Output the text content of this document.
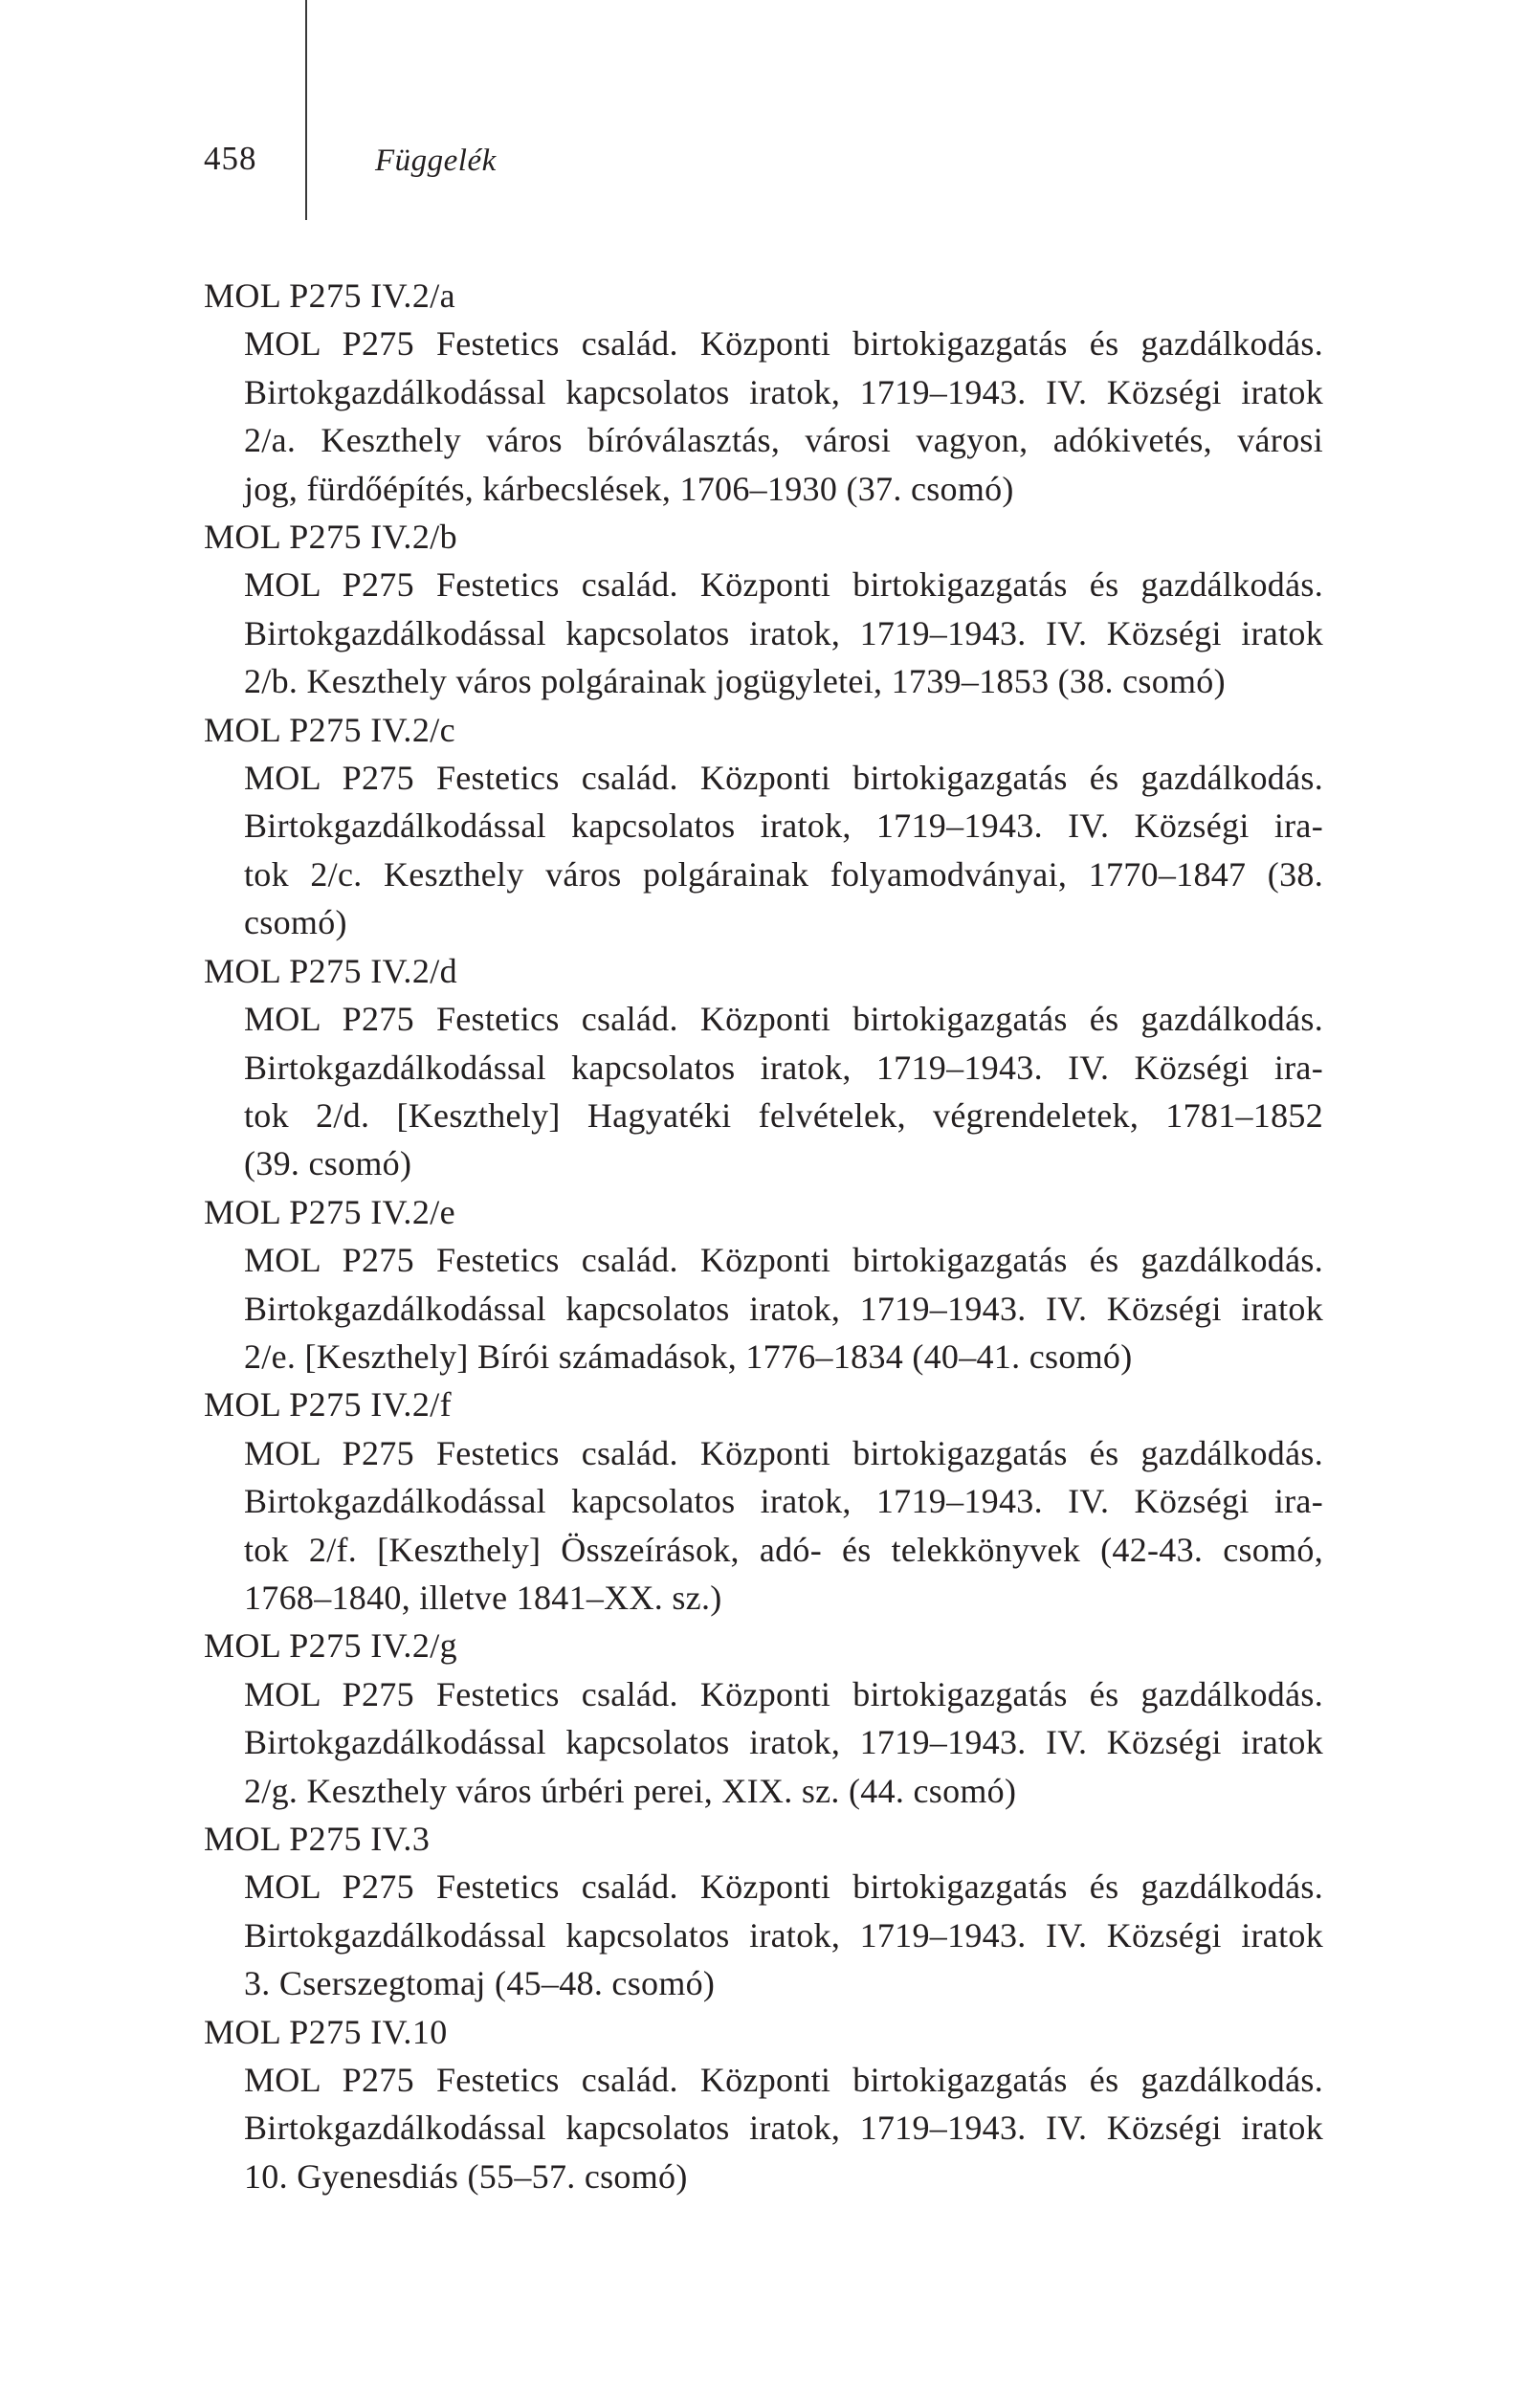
458	Függelék
MOL P275 IV.2/a
MOL P275 Festetics család. Központi birtokigazgatás és gazdálkodás.
Birtokgazdálkodással kapcsolatos iratok, 1719–1943. IV. Községi iratok
2/a. Keszthely város bíróválasztás, városi vagyon, adókivetés, városi
jog, fürdőépítés, kárbecslések, 1706–1930 (37. csomó)
MOL P275 IV.2/b
MOL P275 Festetics család. Központi birtokigazgatás és gazdálkodás.
Birtokgazdálkodással kapcsolatos iratok, 1719–1943. IV. Községi iratok
2/b. Keszthely város polgárainak jogügyletei, 1739–1853 (38. csomó)
MOL P275 IV.2/c
MOL P275 Festetics család. Központi birtokigazgatás és gazdálkodás.
Birtokgazdálkodással kapcsolatos iratok, 1719–1943. IV. Községi ira-
tok 2/c. Keszthely város polgárainak folyamodványai, 1770–1847 (38.
csomó)
MOL P275 IV.2/d
MOL P275 Festetics család. Központi birtokigazgatás és gazdálkodás.
Birtokgazdálkodással kapcsolatos iratok, 1719–1943. IV. Községi ira-
tok 2/d. [Keszthely] Hagyatéki felvételek, végrendeletek, 1781–1852
(39. csomó)
MOL P275 IV.2/e
MOL P275 Festetics család. Központi birtokigazgatás és gazdálkodás.
Birtokgazdálkodással kapcsolatos iratok, 1719–1943. IV. Községi iratok
2/e. [Keszthely] Bírói számadások, 1776–1834 (40–41. csomó)
MOL P275 IV.2/f
MOL P275 Festetics család. Központi birtokigazgatás és gazdálkodás.
Birtokgazdálkodással kapcsolatos iratok, 1719–1943. IV. Községi ira-
tok 2/f. [Keszthely] Összeírások, adó- és telekkönyvek (42-43. csomó,
1768–1840, illetve 1841–XX. sz.)
MOL P275 IV.2/g
MOL P275 Festetics család. Központi birtokigazgatás és gazdálkodás.
Birtokgazdálkodással kapcsolatos iratok, 1719–1943. IV. Községi iratok
2/g. Keszthely város úrbéri perei, XIX. sz. (44. csomó)
MOL P275 IV.3
MOL P275 Festetics család. Központi birtokigazgatás és gazdálkodás.
Birtokgazdálkodással kapcsolatos iratok, 1719–1943. IV. Községi iratok
3. Cserszegtomaj (45–48. csomó)
MOL P275 IV.10
MOL P275 Festetics család. Központi birtokigazgatás és gazdálkodás.
Birtokgazdálkodással kapcsolatos iratok, 1719–1943. IV. Községi iratok
10. Gyenesdiás (55–57. csomó)
